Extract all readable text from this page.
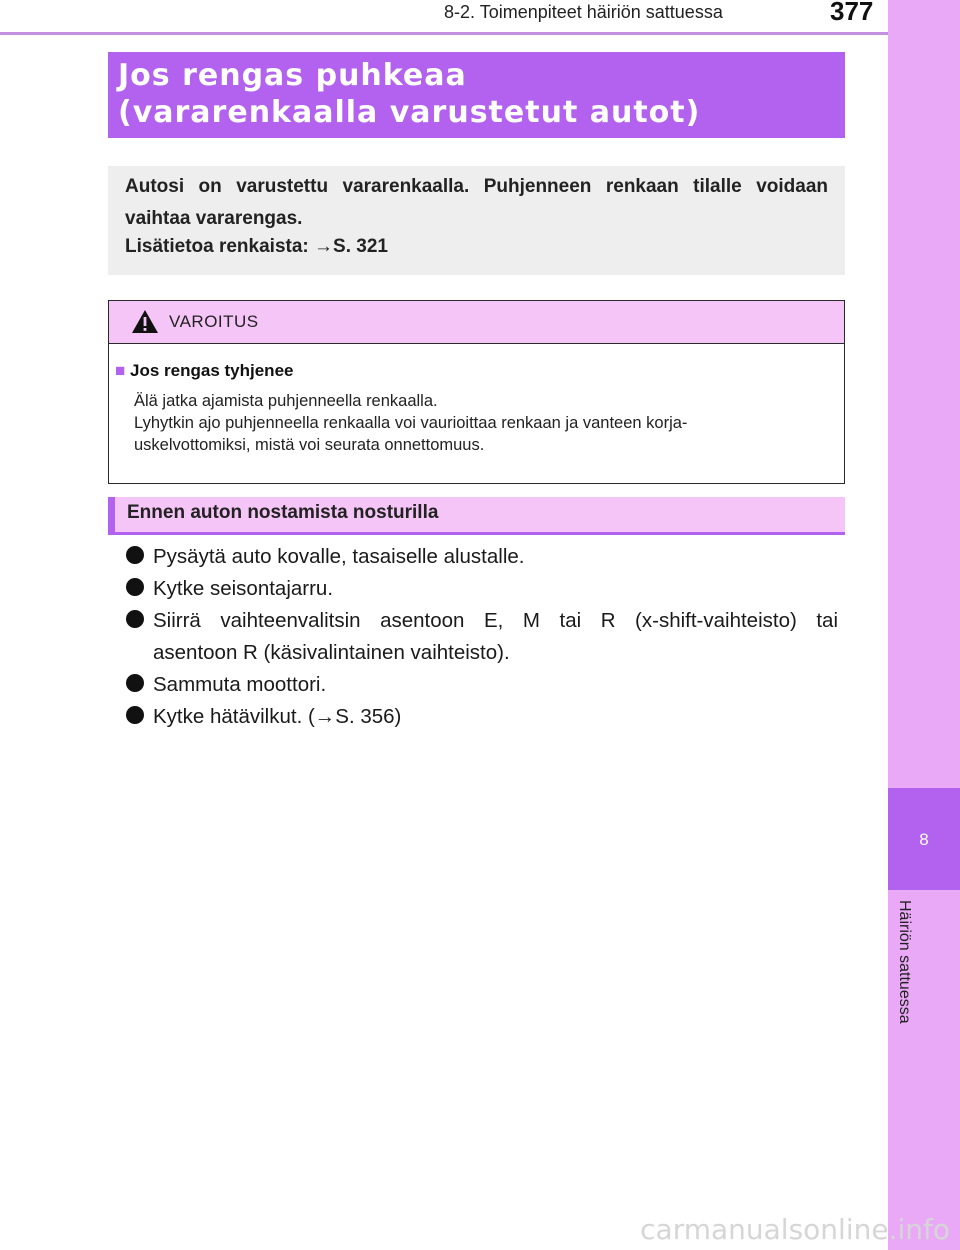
8-2. Toimenpiteet häiriön sattuessa	377
8
Häiriön sattuessa
Jos rengas puhkeaa
(vararenkaalla varustetut autot)
Autosi on varustettu vararenkaalla. Puhjenneen renkaan tilalle voidaan vaihtaa vararengas.
Lisätietoa renkaista: →S. 321
VAROITUS
■ Jos rengas tyhjenee
Älä jatka ajamista puhjenneella renkaalla.
Lyhytkin ajo puhjenneella renkaalla voi vaurioittaa renkaan ja vanteen korja-
uskelvottomiksi, mistä voi seurata onnettomuus.
Ennen auton nostamista nosturilla
Pysäytä auto kovalle, tasaiselle alustalle.
Kytke seisontajarru.
Siirrä vaihteenvalitsin asentoon E, M tai R (x-shift-vaihteisto) tai
asentoon R (käsivalintainen vaihteisto).
Sammuta moottori.
Kytke hätävilkut. (→S. 356)
carmanualsonline.info
